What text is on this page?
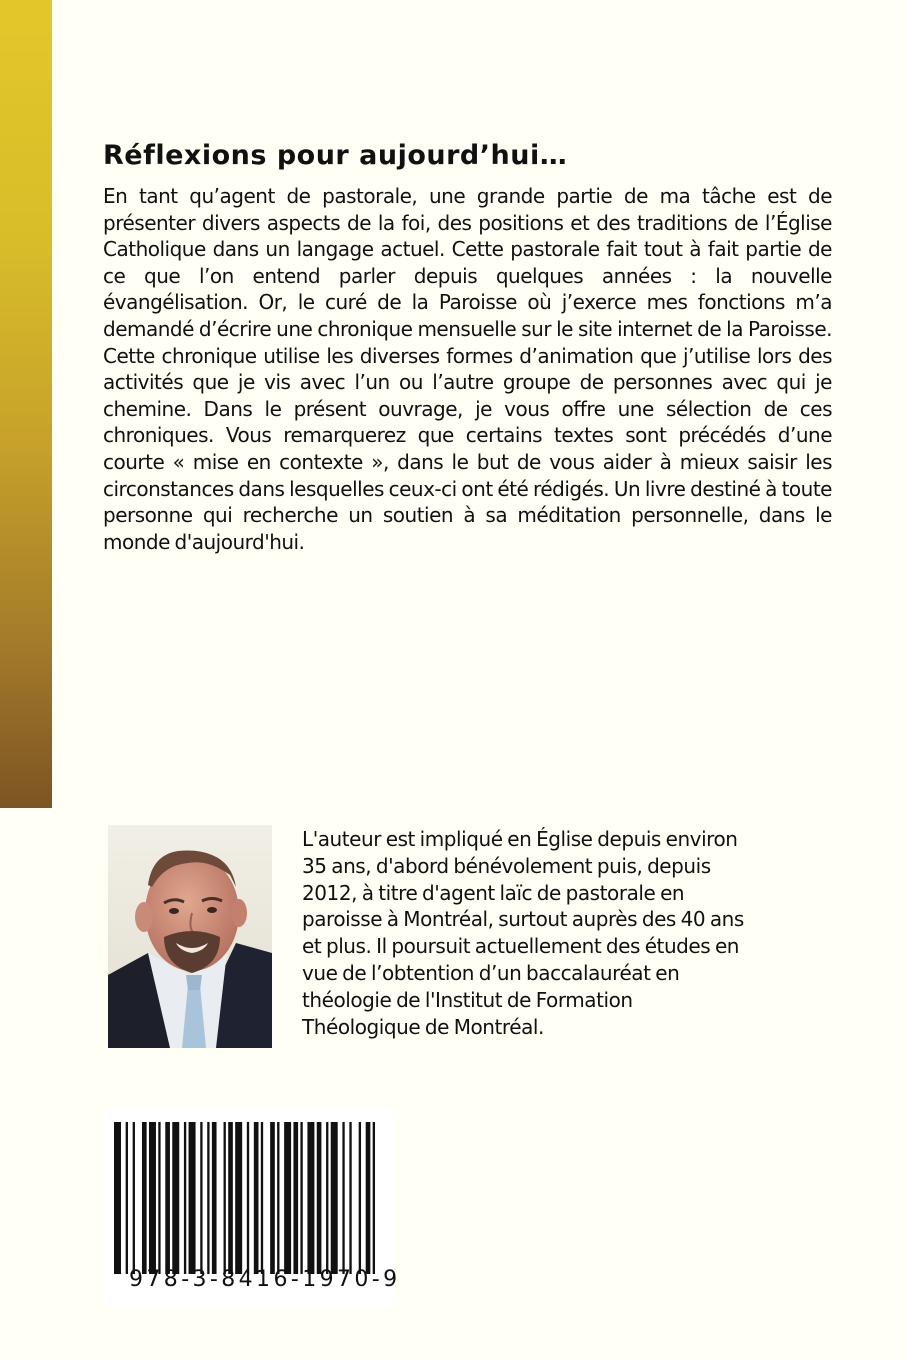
Réflexions pour aujourd’hui…

En tant qu’agent de pastorale, une grande partie de ma tâche est de présenter divers aspects de la foi, des positions et des traditions de l’Église Catholique dans un langage actuel. Cette pastorale fait tout à fait partie de ce que l’on entend parler depuis quelques années : la nouvelle évangélisation. Or, le curé de la Paroisse où j’exerce mes fonctions m’a demandé d’écrire une chronique mensuelle sur le site internet de la Paroisse. Cette chronique utilise les diverses formes d’animation que j’utilise lors des activités que je vis avec l’un ou l’autre groupe de personnes avec qui je chemine. Dans le présent ouvrage, je vous offre une sélection de ces chroniques. Vous remarquerez que certains textes sont précédés d’une courte « mise en contexte », dans le but de vous aider à mieux saisir les circonstances dans lesquelles ceux-ci ont été rédigés. Un livre destiné à toute personne qui recherche un soutien à sa méditation personnelle, dans le monde d'aujourd'hui.

L'auteur est impliqué en Église depuis environ
35 ans, d'abord bénévolement puis, depuis
2012, à titre d'agent laïc de pastorale en
paroisse à Montréal, surtout auprès des 40 ans
et plus. Il poursuit actuellement des études en
vue de l’obtention d’un baccalauréat en
théologie de l'Institut de Formation
Théologique de Montréal.
978-3-8416-1970-9
